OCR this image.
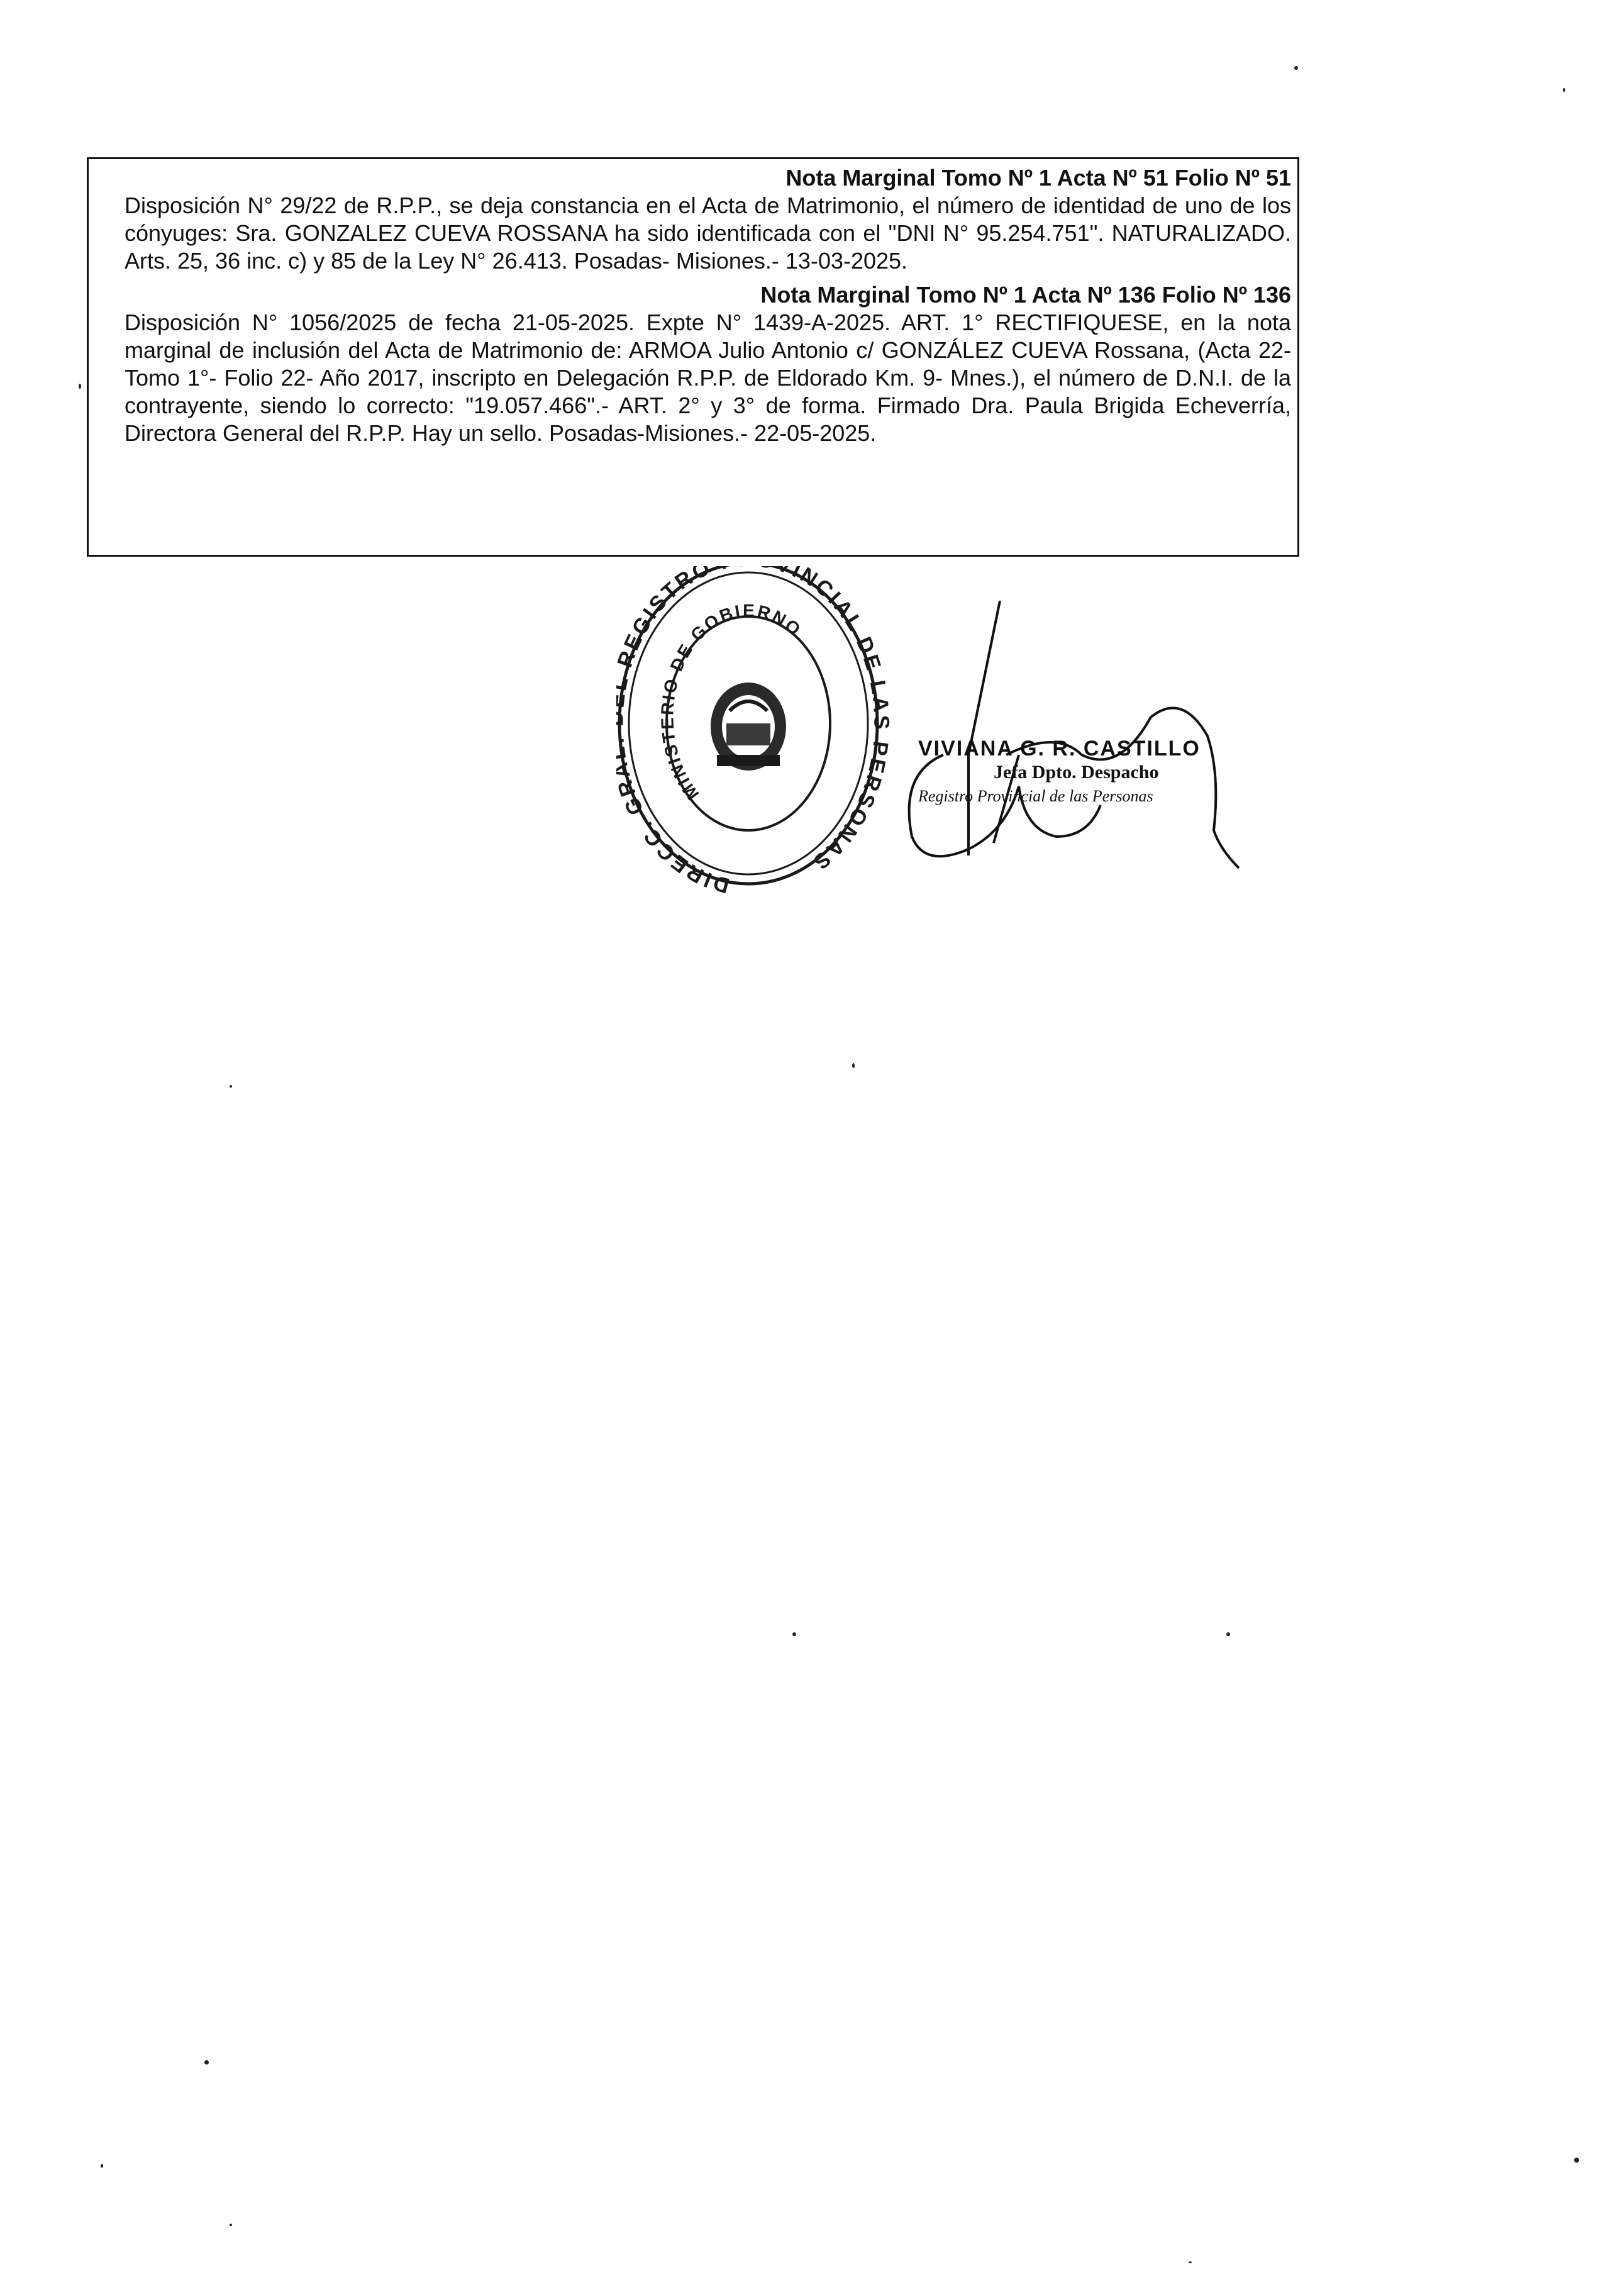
Nota Marginal Tomo Nº 1 Acta Nº 51 Folio Nº 51

Disposición N° 29/22 de R.P.P., se deja constancia en el Acta de Matrimonio, el número de identidad de uno de los cónyuges: Sra. GONZALEZ CUEVA ROSSANA ha sido identificada con el "DNI N° 95.254.751". NATURALIZADO. Arts. 25, 36 inc. c) y 85 de la Ley N° 26.413. Posadas- Misiones.- 13-03-2025.

Nota Marginal Tomo Nº 1 Acta Nº 136 Folio Nº 136

Disposición N° 1056/2025 de fecha 21-05-2025. Expte N° 1439-A-2025. ART. 1° RECTIFIQUESE, en la nota marginal de inclusión del Acta de Matrimonio de: ARMOA Julio Antonio c/ GONZÁLEZ CUEVA Rossana, (Acta 22- Tomo 1°- Folio 22- Año 2017, inscripto en Delegación R.P.P. de Eldorado Km. 9- Mnes.), el número de D.N.I. de la contrayente, siendo lo correcto: "19.057.466".- ART. 2° y 3° de forma. Firmado Dra. Paula Brigida Echeverría, Directora General del R.P.P. Hay un sello. Posadas-Misiones.- 22-05-2025.

DIRECC. G EGISTRO INCIAL DE LAS PERSONAS
MINISTERIO DE GOBIERNO

VIVIANA G. R. CASTILLO

Jefa Dpto. Despacho

Registro Provincial de las Personas
